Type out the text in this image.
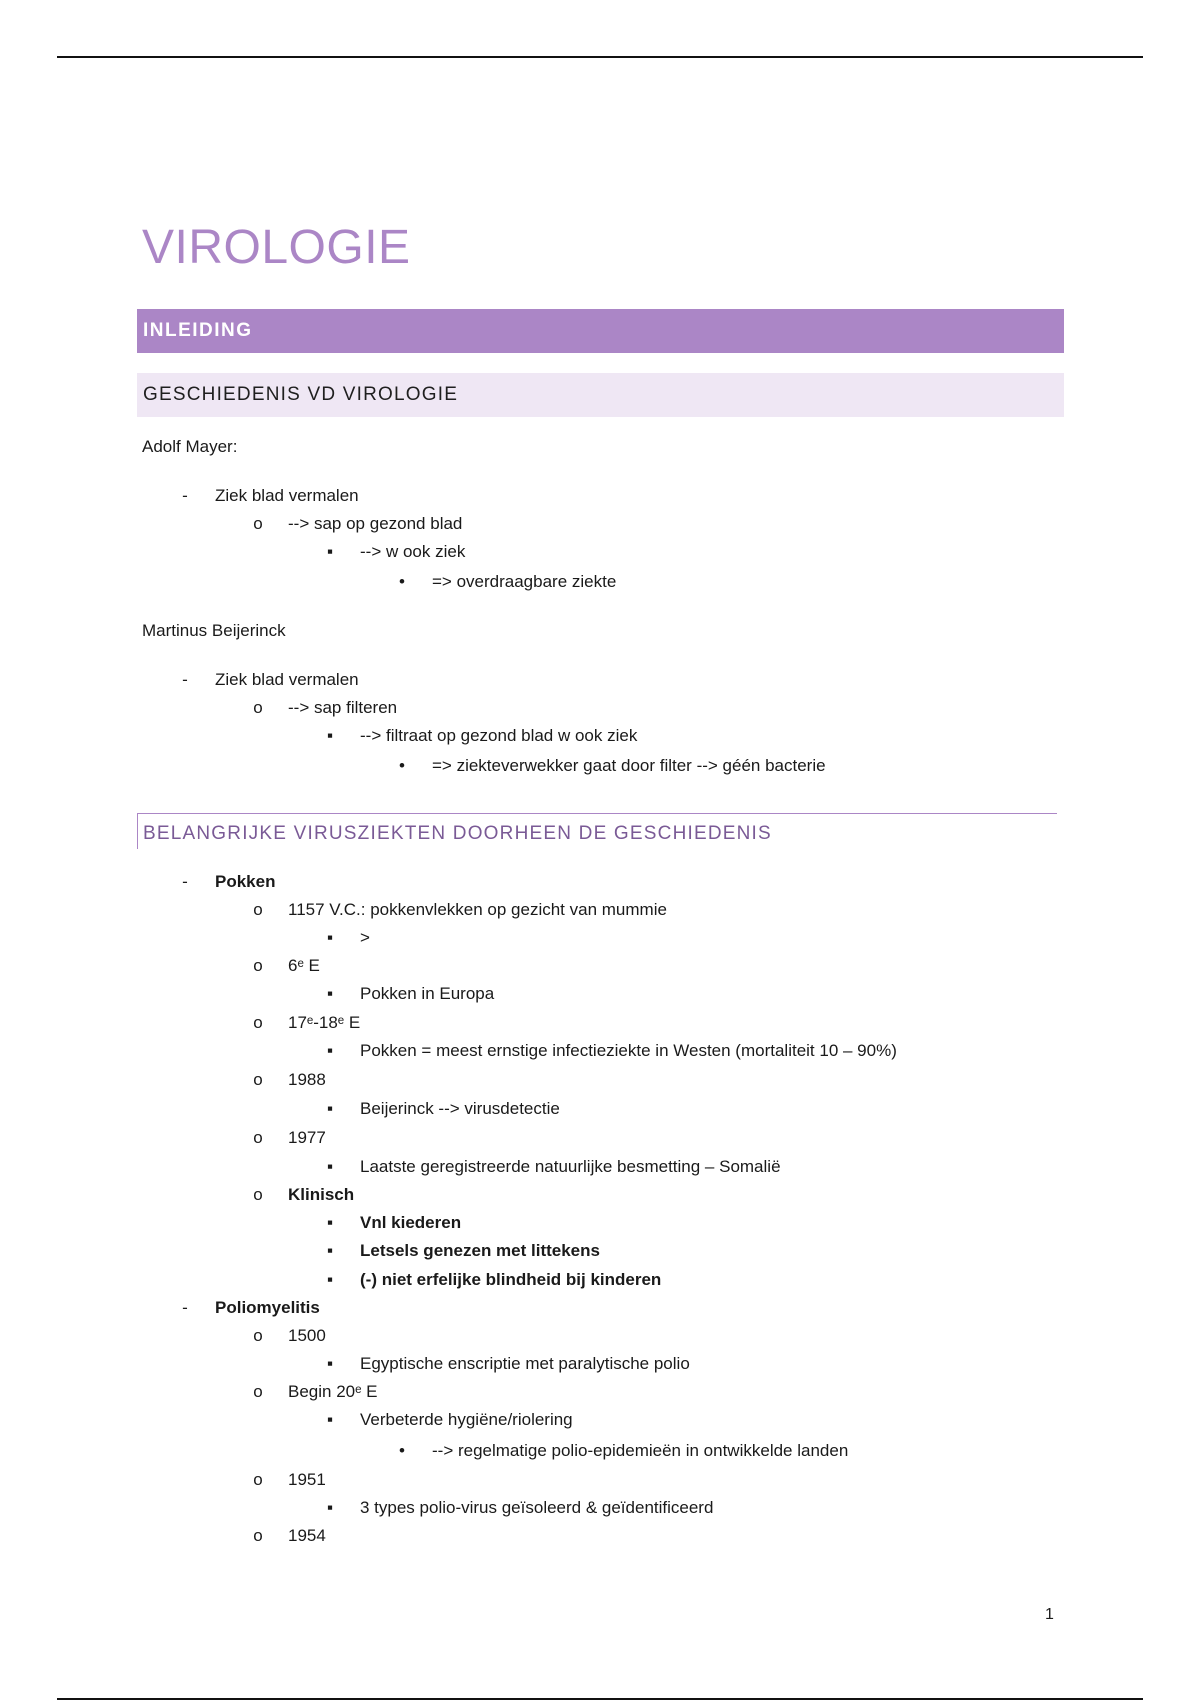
VIROLOGIE
INLEIDING
GESCHIEDENIS VD VIROLOGIE
Adolf Mayer:
-	Ziek blad vermalen
o	--> sap op gezond blad
▪	--> w ook ziek
•	=> overdraagbare ziekte
Martinus Beijerinck
-	Ziek blad vermalen
o	--> sap filteren
▪	--> filtraat op gezond blad w ook ziek
•	=> ziekteverwekker gaat door filter --> géén bacterie
BELANGRIJKE VIRUSZIEKTEN DOORHEEN DE GESCHIEDENIS
-	Pokken
o	1157 V.C.: pokkenvlekken op gezicht van mummie
▪	>
o	6ᵉ E
▪	Pokken in Europa
o	17ᵉ-18ᵉ E
▪	Pokken = meest ernstige infectieziekte in Westen (mortaliteit 10 – 90%)
o	1988
▪	Beijerinck --> virusdetectie
o	1977
▪	Laatste geregistreerde natuurlijke besmetting – Somalië
o	Klinisch
▪	Vnl kiederen
▪	Letsels genezen met littekens
▪	(-) niet erfelijke blindheid bij kinderen
-	Poliomyelitis
o	1500
▪	Egyptische enscriptie met paralytische polio
o	Begin 20ᵉ E
▪	Verbeterde hygiëne/riolering
•	--> regelmatige polio-epidemieën in ontwikkelde landen
o	1951
▪	3 types polio-virus geïsoleerd & geïdentificeerd
o	1954
1
